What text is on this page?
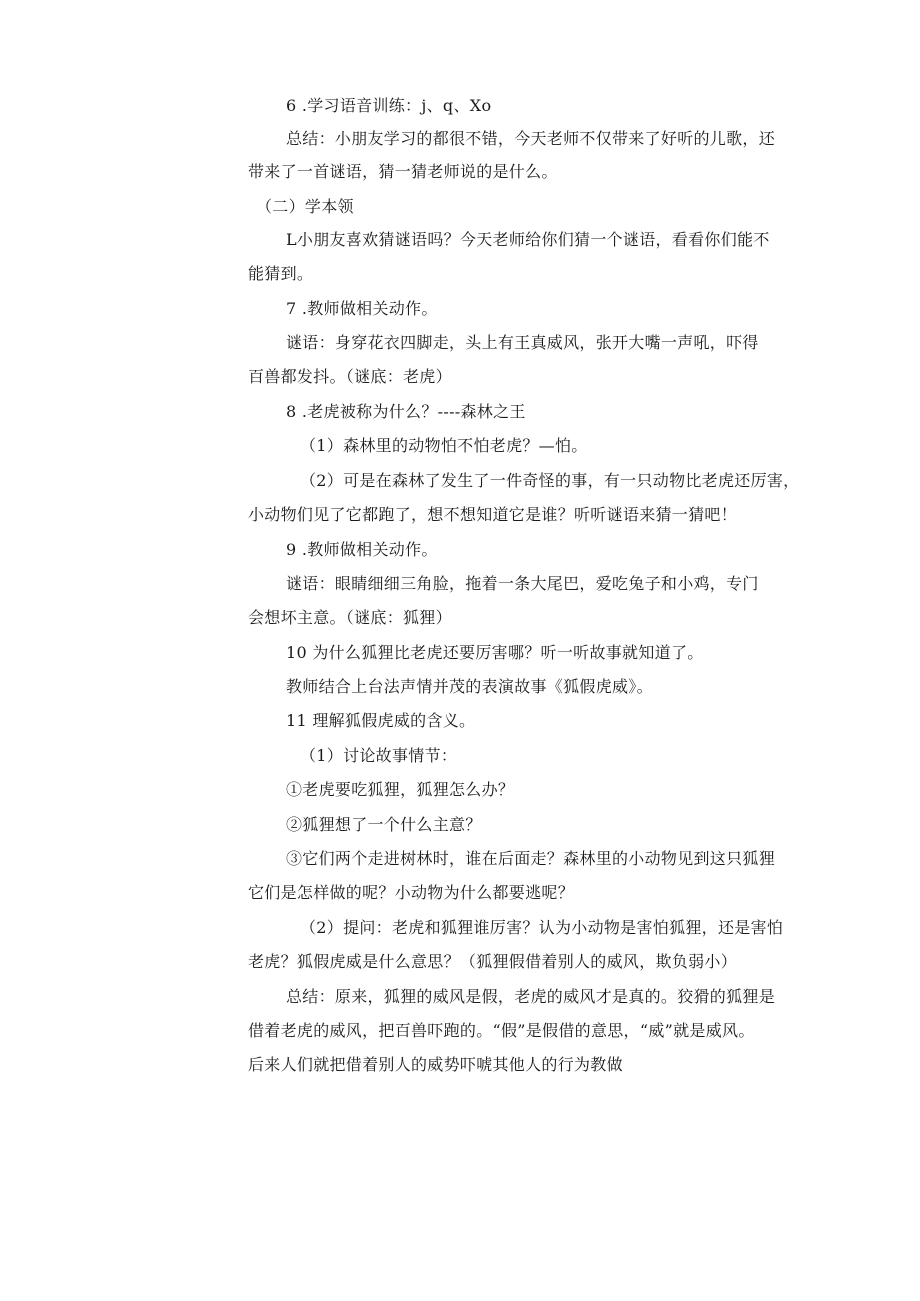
6 .学习语音训练：j、q、Xo
总结：小朋友学习的都很不错，今天老师不仅带来了好听的儿歌，还
带来了一首谜语，猜一猜老师说的是什么。
（二）学本领
L小朋友喜欢猜谜语吗？今天老师给你们猜一个谜语，看看你们能不
能猜到。
7 .教师做相关动作。
谜语：身穿花衣四脚走，头上有王真威风，张开大嘴一声吼，吓得
百兽都发抖。（谜底：老虎）
8 .老虎被称为什么？----森林之王
（1）森林里的动物怕不怕老虎？—怕。
（2）可是在森林了发生了一件奇怪的事，有一只动物比老虎还厉害，
小动物们见了它都跑了，想不想知道它是谁？听听谜语来猜一猜吧！
9 .教师做相关动作。
谜语：眼睛细细三角脸，拖着一条大尾巴，爱吃兔子和小鸡，专门
会想坏主意。（谜底：狐狸）
10 为什么狐狸比老虎还要厉害哪？听一听故事就知道了。
教师结合上台法声情并茂的表演故事《狐假虎威》。
11 理解狐假虎威的含义。
（1）讨论故事情节：
①老虎要吃狐狸，狐狸怎么办？
②狐狸想了一个什么主意？
③它们两个走进树林时，谁在后面走？森林里的小动物见到这只狐狸
它们是怎样做的呢？小动物为什么都要逃呢？
（2）提问：老虎和狐狸谁厉害？认为小动物是害怕狐狸，还是害怕
老虎？狐假虎威是什么意思？（狐狸假借着别人的威风，欺负弱小）
总结：原来，狐狸的威风是假，老虎的威风才是真的。狡猾的狐狸是
借着老虎的威风，把百兽吓跑的。“假”是假借的意思，“威”就是威风。
后来人们就把借着别人的威势吓唬其他人的行为教做
